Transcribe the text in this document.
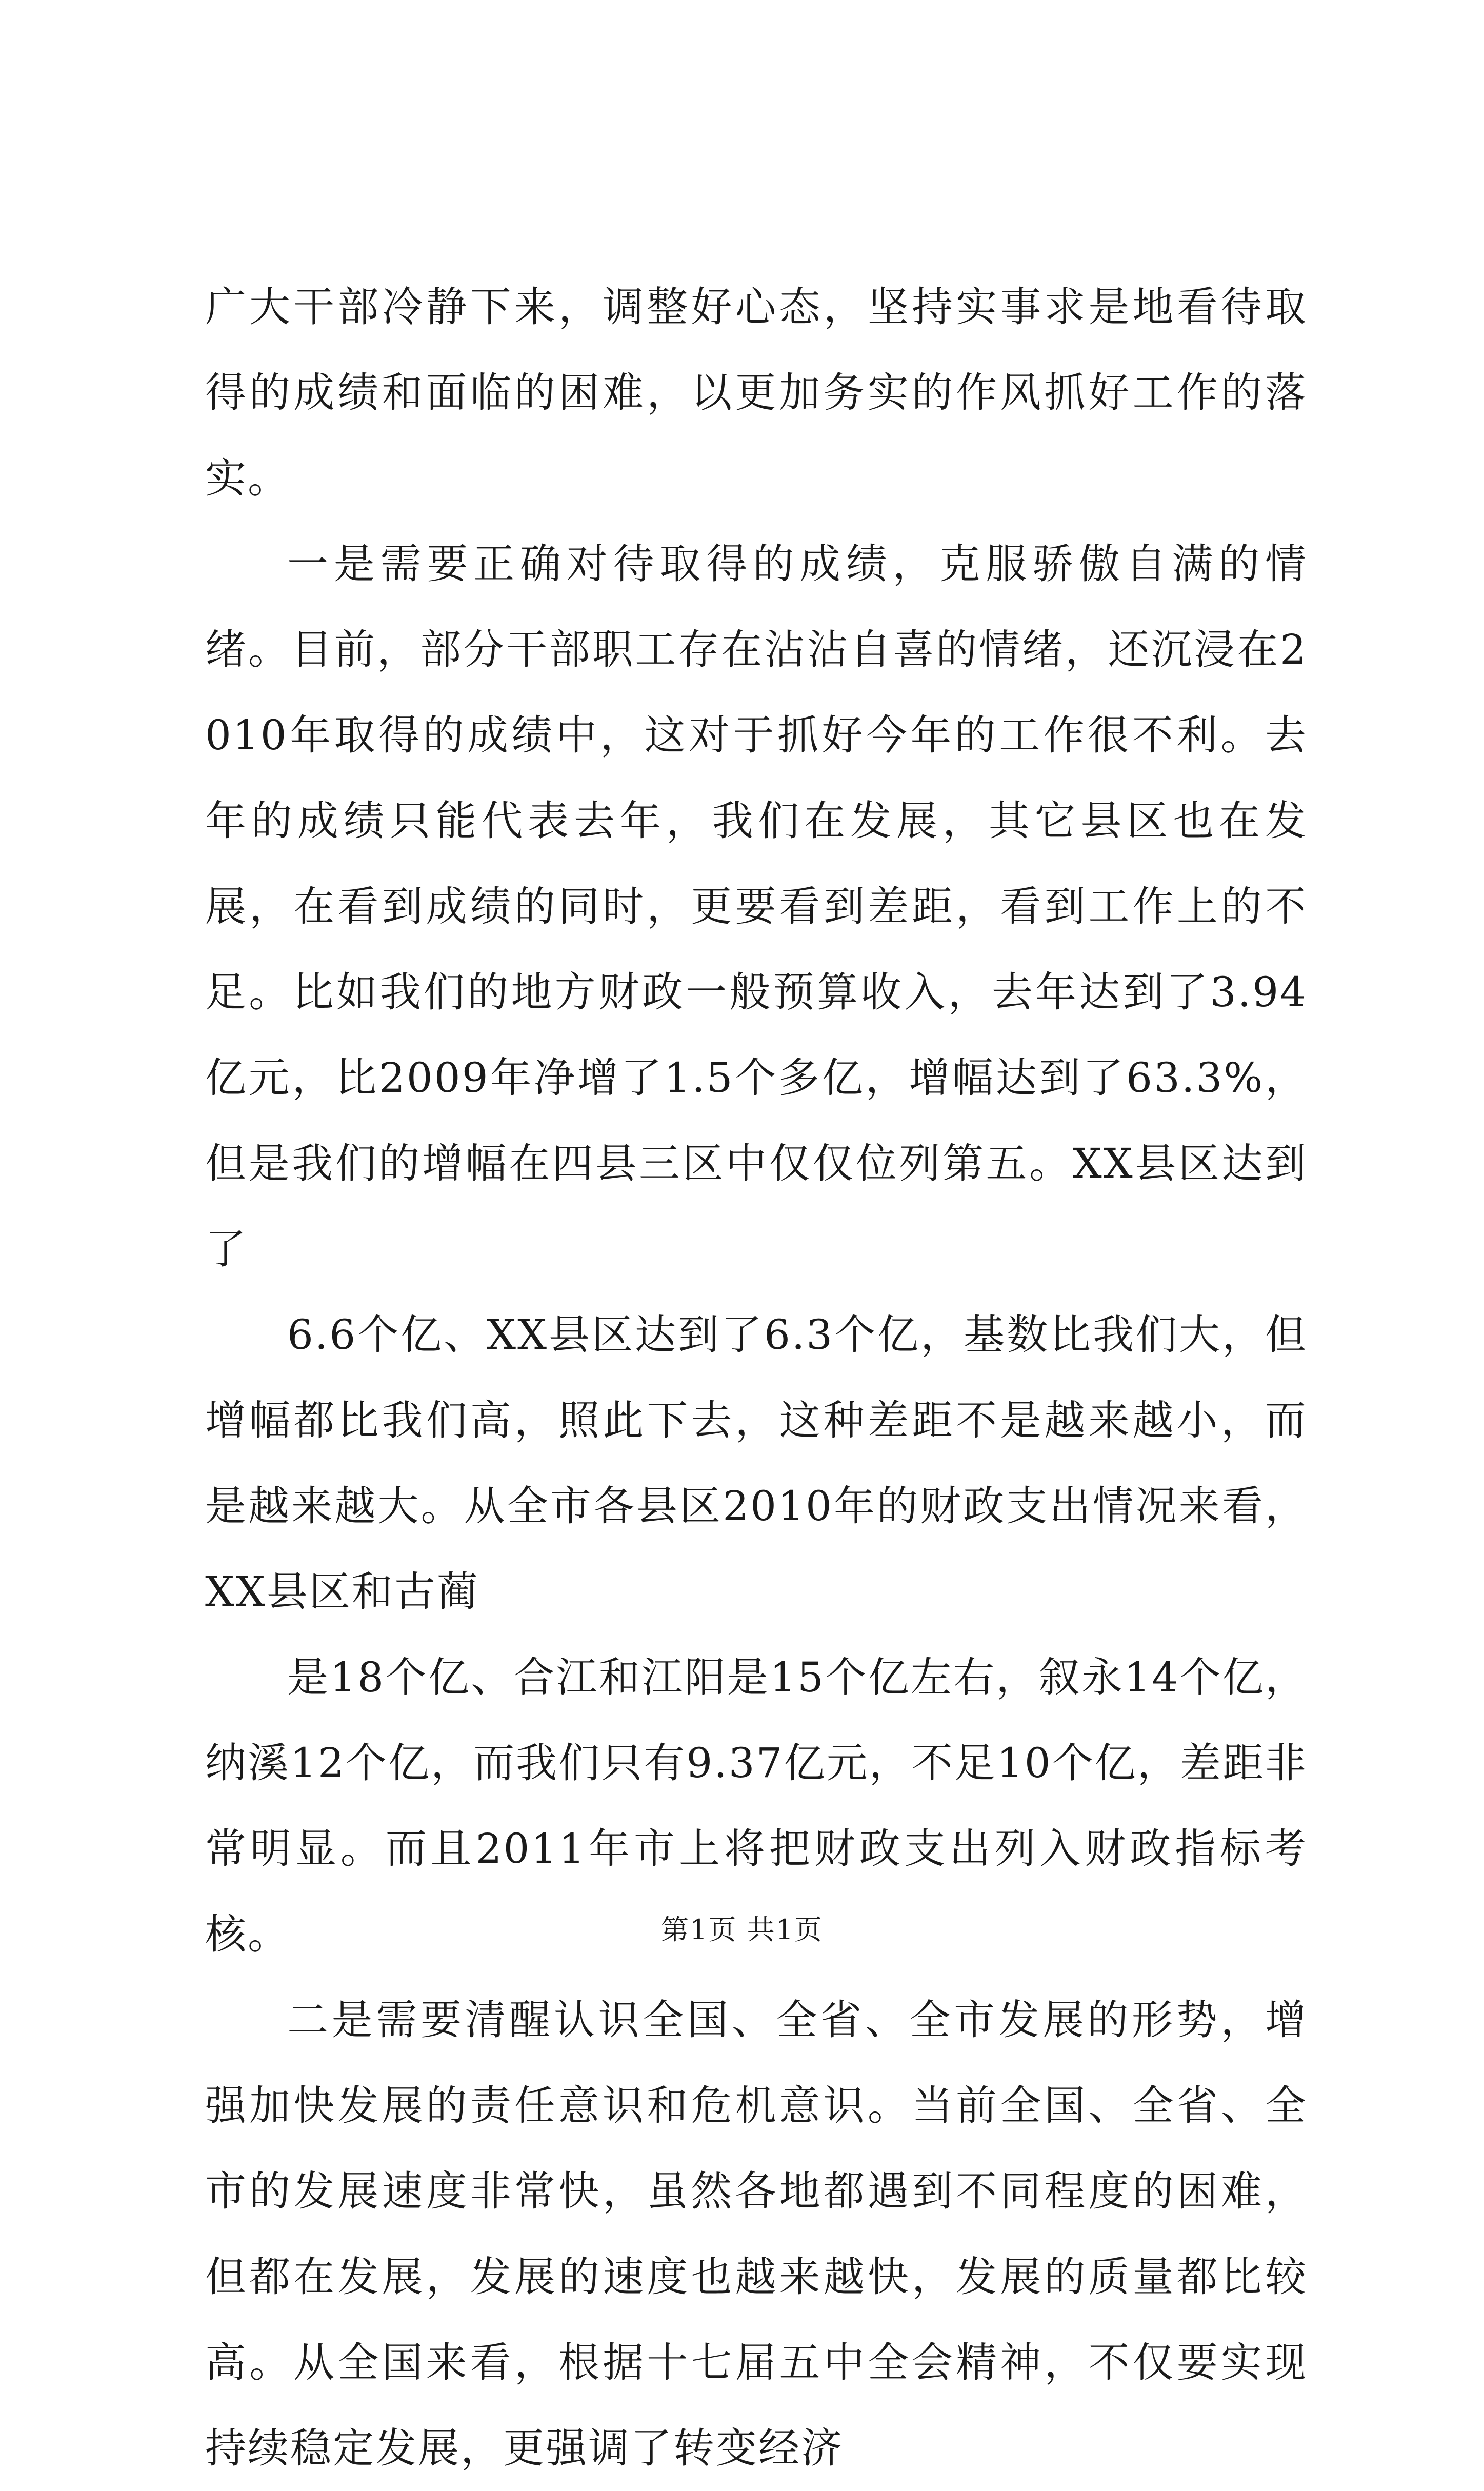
广大干部冷静下来，调整好心态，坚持实事求是地看待取得的成绩和面临的困难，以更加务实的作风抓好工作的落实。

一是需要正确对待取得的成绩，克服骄傲自满的情绪。目前，部分干部职工存在沾沾自喜的情绪，还沉浸在2010年取得的成绩中，这对于抓好今年的工作很不利。去年的成绩只能代表去年，我们在发展，其它县区也在发展，在看到成绩的同时，更要看到差距，看到工作上的不足。比如我们的地方财政一般预算收入，去年达到了3.94亿元，比2009年净增了1.5个多亿，增幅达到了63.3%，但是我们的增幅在四县三区中仅仅位列第五。XX县区达到了

6.6个亿、XX县区达到了6.3个亿，基数比我们大，但增幅都比我们高，照此下去，这种差距不是越来越小，而是越来越大。从全市各县区2010年的财政支出情况来看，XX县区和古蔺

是18个亿、合江和江阳是15个亿左右，叙永14个亿，纳溪12个亿，而我们只有9.37亿元，不足10个亿，差距非常明显。而且2011年市上将把财政支出列入财政指标考核。

二是需要清醒认识全国、全省、全市发展的形势，增强加快发展的责任意识和危机意识。当前全国、全省、全市的发展速度非常快，虽然各地都遇到不同程度的困难，但都在发展，发展的速度也越来越快，发展的质量都比较高。从全国来看，根据十七届五中全会精神，不仅要实现持续稳定发展，更强调了转变经济

第1页 共1页
